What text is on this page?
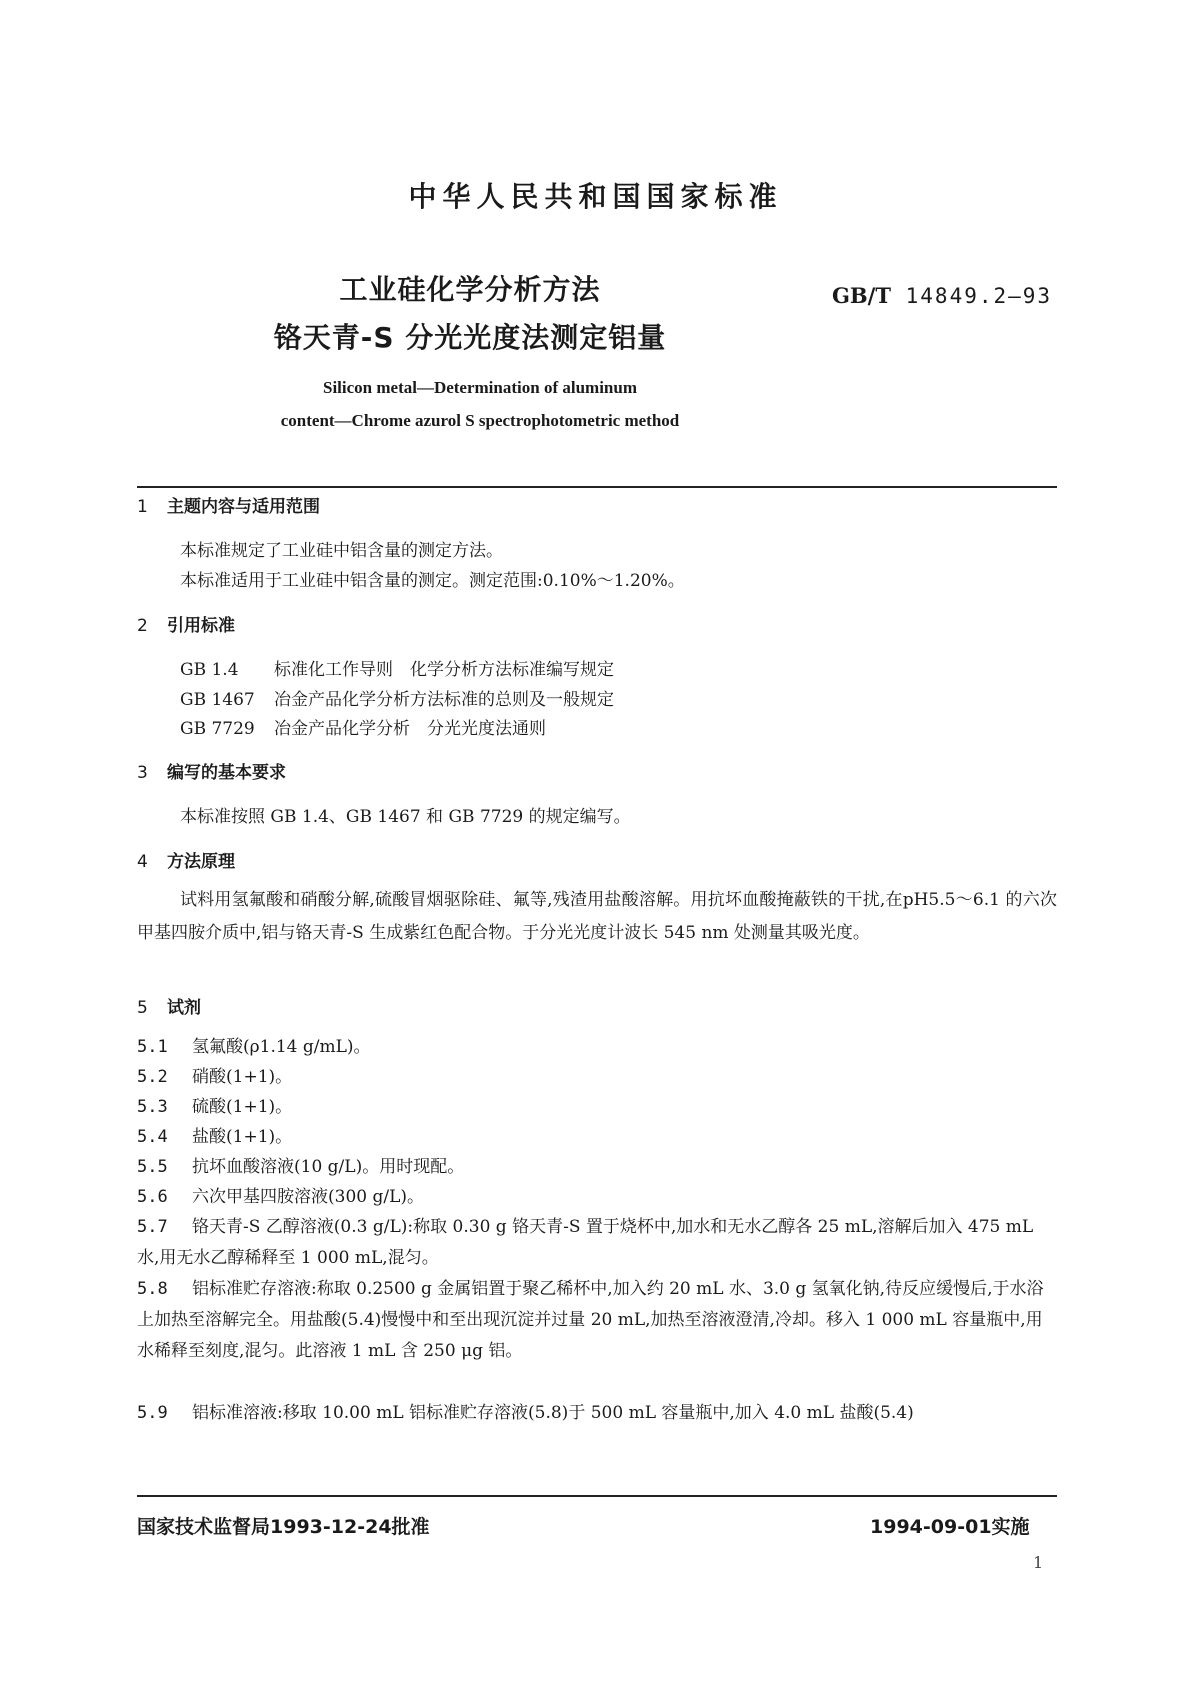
中华人民共和国国家标准
工业硅化学分析方法
铬天青-S 分光光度法测定铝量
GB/T 14849.2—93
Silicon metal—Determination of aluminum
content—Chrome azurol S spectrophotometric method
1 主题内容与适用范围
本标准规定了工业硅中铝含量的测定方法。
本标准适用于工业硅中铝含量的测定。测定范围:0.10%～1.20%。
2 引用标准
GB 1.4 标准化工作导则　化学分析方法标准编写规定
GB 1467 冶金产品化学分析方法标准的总则及一般规定
GB 7729 冶金产品化学分析　分光光度法通则
3 编写的基本要求
本标准按照 GB 1.4、GB 1467 和 GB 7729 的规定编写。
4 方法原理
试料用氢氟酸和硝酸分解,硫酸冒烟驱除硅、氟等,残渣用盐酸溶解。用抗坏血酸掩蔽铁的干扰,在pH5.5～6.1 的六次甲基四胺介质中,铝与铬天青-S 生成紫红色配合物。于分光光度计波长 545 nm 处测量其吸光度。
5 试剂
5.1 氢氟酸(ρ1.14 g/mL)。
5.2 硝酸(1+1)。
5.3 硫酸(1+1)。
5.4 盐酸(1+1)。
5.5 抗坏血酸溶液(10 g/L)。用时现配。
5.6 六次甲基四胺溶液(300 g/L)。
5.7 铬天青-S 乙醇溶液(0.3 g/L):称取 0.30 g 铬天青-S 置于烧杯中,加水和无水乙醇各 25 mL,溶解后加入 475 mL 水,用无水乙醇稀释至 1 000 mL,混匀。
5.8 铝标准贮存溶液:称取 0.2500 g 金属铝置于聚乙稀杯中,加入约 20 mL 水、3.0 g 氢氧化钠,待反应缓慢后,于水浴上加热至溶解完全。用盐酸(5.4)慢慢中和至出现沉淀并过量 20 mL,加热至溶液澄清,冷却。移入 1 000 mL 容量瓶中,用水稀释至刻度,混匀。此溶液 1 mL 含 250 μg 铝。
5.9 铝标准溶液:移取 10.00 mL 铝标准贮存溶液(5.8)于 500 mL 容量瓶中,加入 4.0 mL 盐酸(5.4)
国家技术监督局1993-12-24批准	1994-09-01实施
1
